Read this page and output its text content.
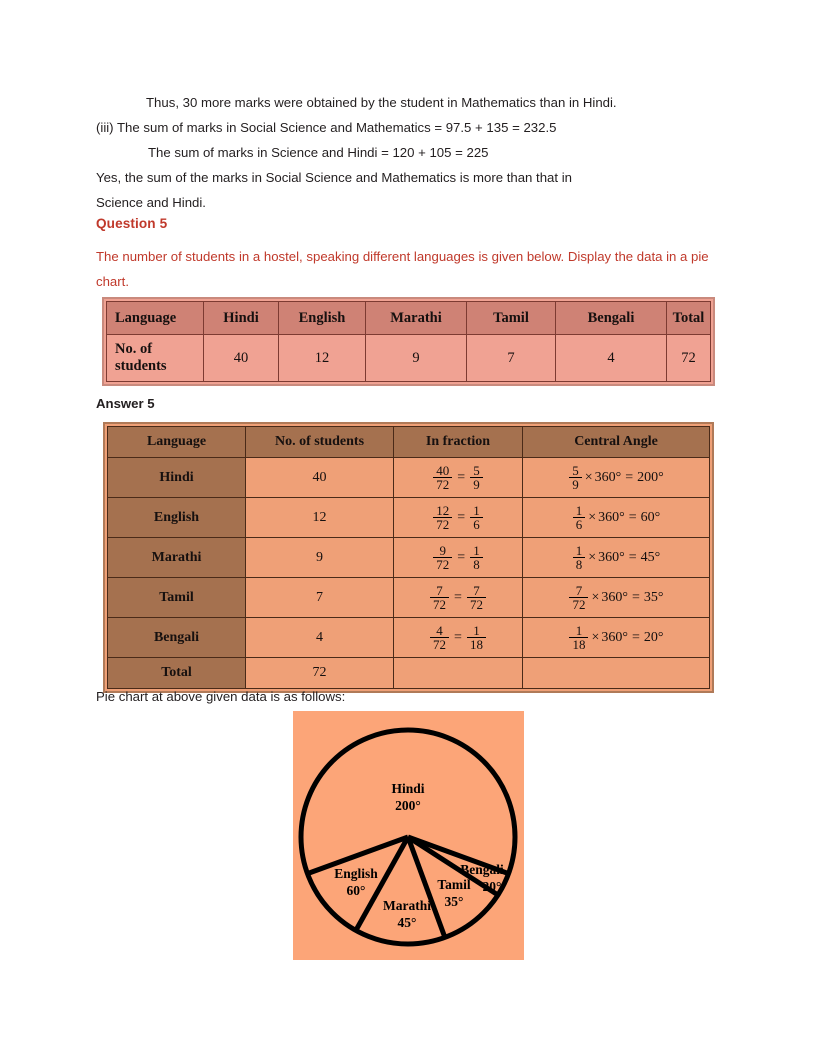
Thus, 30 more marks were obtained by the student in Mathematics than in Hindi.
(iii) The sum of marks in Social Science and Mathematics = 97.5 + 135 = 232.5
The sum of marks in Science and Hindi = 120 + 105 = 225
Yes, the sum of the marks in Social Science and Mathematics is more than that in
Science and Hindi.
Question 5
The number of students in a hostel, speaking different languages is given below. Display the data in a pie chart.
Language	Hindi	English	Marathi	Tamil	Bengali	Total
No. of students	40	12	9	7	4	72
Answer 5
Language	No. of students	In fraction	Central Angle
Hindi	40	$\frac{40}{72} = \frac{5}{9}$	$\frac{5}{9} \times 360^\circ = 200^\circ$
English	12	$\frac{12}{72} = \frac{1}{6}$	$\frac{1}{6} \times 360^\circ = 60^\circ$
Marathi	9	$\frac{9}{72} = \frac{1}{8}$	$\frac{1}{8} \times 360^\circ = 45^\circ$
Tamil	7	$\frac{7}{72} = \frac{7}{72}$	$\frac{7}{72} \times 360^\circ = 35^\circ$
Bengali	4	$\frac{4}{72} = \frac{1}{18}$	$\frac{1}{18} \times 360^\circ = 20^\circ$
Total	72		
Pie chart at above given data is as follows:
Hindi
200°
English
60°
Marathi
45°
Tamil
35°
Bengali
20°
